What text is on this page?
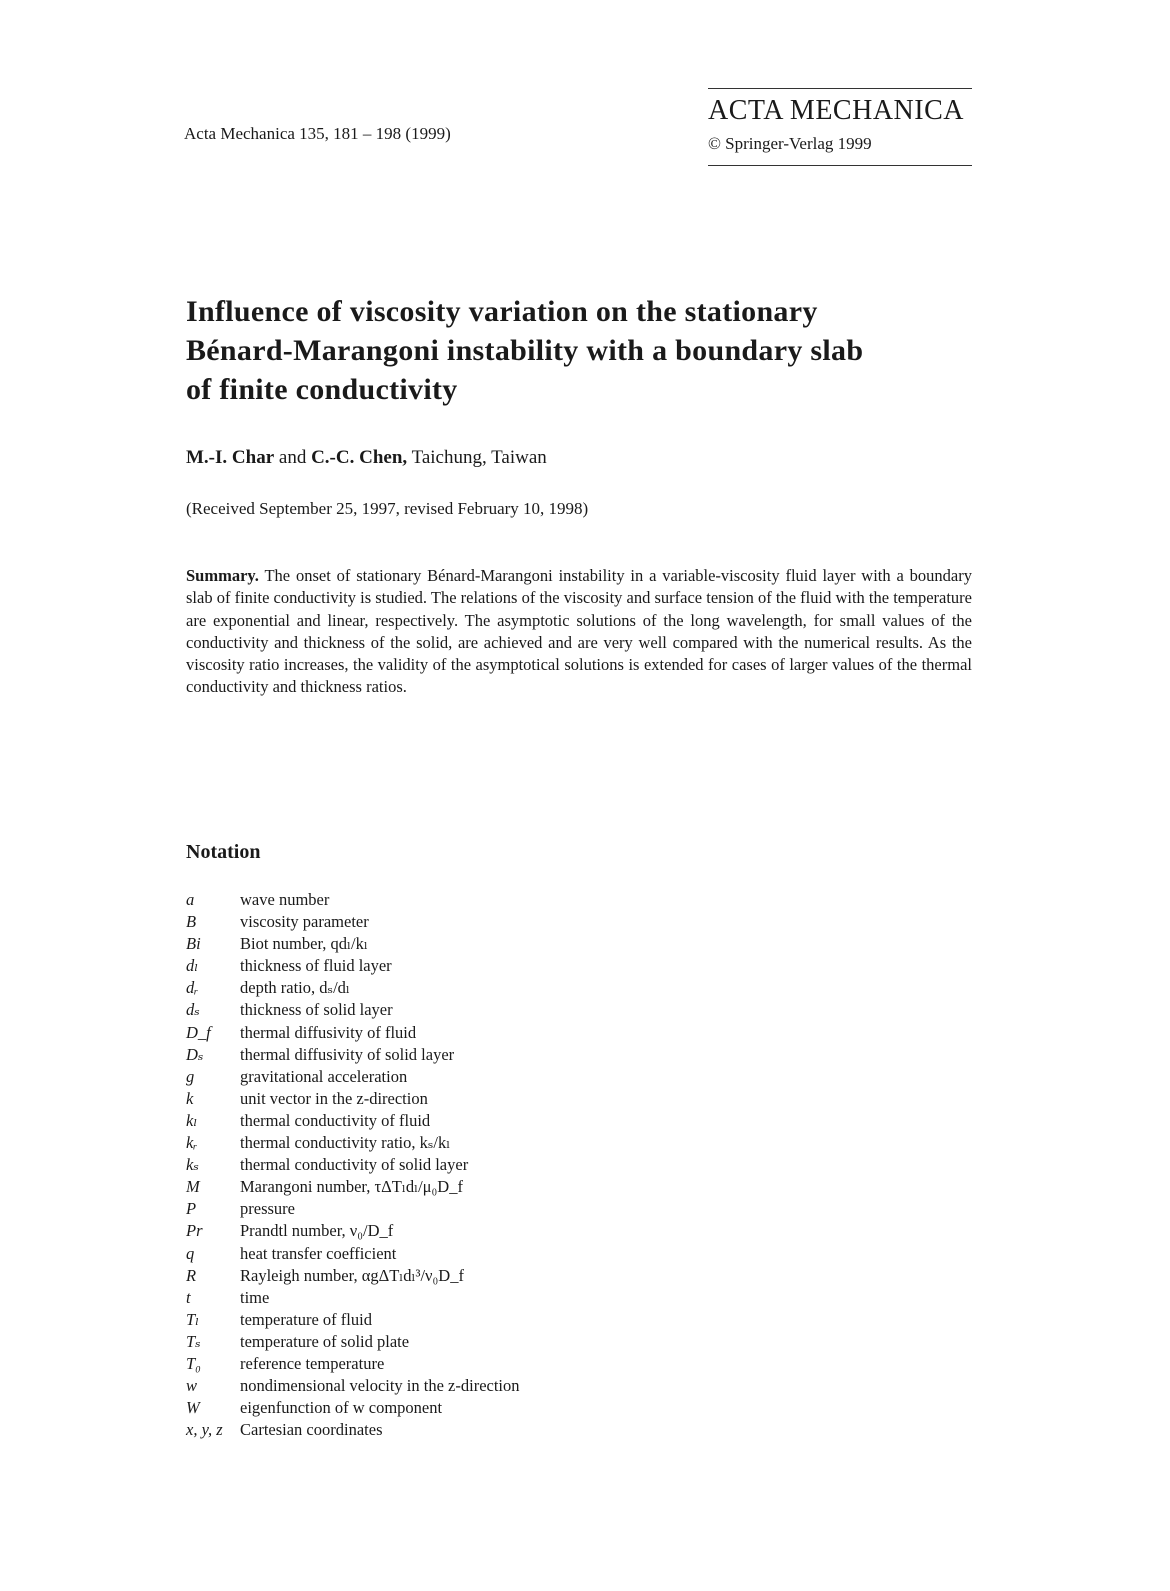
Acta Mechanica 135, 181 – 198 (1999)
ACTA MECHANICA
© Springer-Verlag 1999
Influence of viscosity variation on the stationary
Bénard-Marangoni instability with a boundary slab
of finite conductivity
M.-I. Char and C.-C. Chen, Taichung, Taiwan
(Received September 25, 1997, revised February 10, 1998)
Summary. The onset of stationary Bénard-Marangoni instability in a variable-viscosity fluid layer with a boundary slab of finite conductivity is studied. The relations of the viscosity and surface tension of the fluid with the temperature are exponential and linear, respectively. The asymptotic solutions of the long wavelength, for small values of the conductivity and thickness of the solid, are achieved and are very well compared with the numerical results. As the viscosity ratio increases, the validity of the asymptotical solutions is extended for cases of larger values of the thermal conductivity and thickness ratios.
Notation
a	wave number
B	viscosity parameter
Bi	Biot number, qdₗ/kₗ
dₗ	thickness of fluid layer
dᵣ	depth ratio, dₛ/dₗ
dₛ	thickness of solid layer
D_f	thermal diffusivity of fluid
Dₛ	thermal diffusivity of solid layer
g	gravitational acceleration
k	unit vector in the z-direction
kₗ	thermal conductivity of fluid
kᵣ	thermal conductivity ratio, kₛ/kₗ
kₛ	thermal conductivity of solid layer
M	Marangoni number, τΔTₗdₗ/μ₀D_f
P	pressure
Pr	Prandtl number, ν₀/D_f
q	heat transfer coefficient
R	Rayleigh number, αgΔTₗdₗ³/ν₀D_f
t	time
Tₗ	temperature of fluid
Tₛ	temperature of solid plate
T₀	reference temperature
w	nondimensional velocity in the z-direction
W	eigenfunction of w component
x, y, z	Cartesian coordinates
